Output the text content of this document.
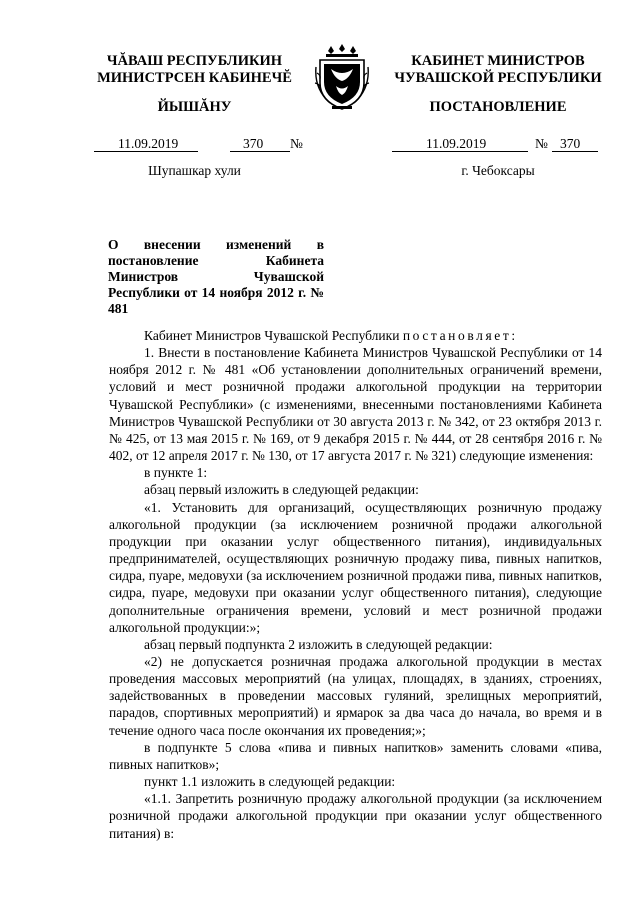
ЧĂВАШ РЕСПУБЛИКИН
МИНИСТРСЕН КАБИНЕЧĔ
ЙЫШĂНУ
КАБИНЕТ МИНИСТРОВ
ЧУВАШСКОЙ РЕСПУБЛИКИ
ПОСТАНОВЛЕНИЕ
11.09.2019	370 №	11.09.2019	№ 370
Шупашкар хули	г. Чебоксары
О внесении изменений в постановление Кабинета Министров Чувашской Республики от 14 ноября 2012 г. № 481

Кабинет Министров Чувашской Республики постановляет:

1. Внести в постановление Кабинета Министров Чувашской Республики от 14 ноября 2012 г. № 481 «Об установлении дополнительных ограничений времени, условий и мест розничной продажи алкогольной продукции на территории Чувашской Республики» (с изменениями, внесенными постановлениями Кабинета Министров Чувашской Республики от 30 августа 2013 г. № 342, от 23 октября 2013 г. № 425, от 13 мая 2015 г. № 169, от 9 декабря 2015 г. № 444, от 28 сентября 2016 г. № 402, от 12 апреля 2017 г. № 130, от 17 августа 2017 г. № 321) следующие изменения:

в пункте 1:

абзац первый изложить в следующей редакции:

«1. Установить для организаций, осуществляющих розничную продажу алкогольной продукции (за исключением розничной продажи алкогольной продукции при оказании услуг общественного питания), индивидуальных предпринимателей, осуществляющих розничную продажу пива, пивных напитков, сидра, пуаре, медовухи (за исключением розничной продажи пива, пивных напитков, сидра, пуаре, медовухи при оказании услуг общественного питания), следующие дополнительные ограничения времени, условий и мест розничной продажи алкогольной продукции:»;

абзац первый подпункта 2 изложить в следующей редакции:

«2) не допускается розничная продажа алкогольной продукции в местах проведения массовых мероприятий (на улицах, площадях, в зданиях, строениях, задействованных в проведении массовых гуляний, зрелищных мероприятий, парадов, спортивных мероприятий) и ярмарок за два часа до начала, во время и в течение одного часа после окончания их проведения;»;

в подпункте 5 слова «пива и пивных напитков» заменить словами «пива, пивных напитков»;

пункт 1.1 изложить в следующей редакции:

«1.1. Запретить розничную продажу алкогольной продукции (за исключением розничной продажи алкогольной продукции при оказании услуг общественного питания) в:
